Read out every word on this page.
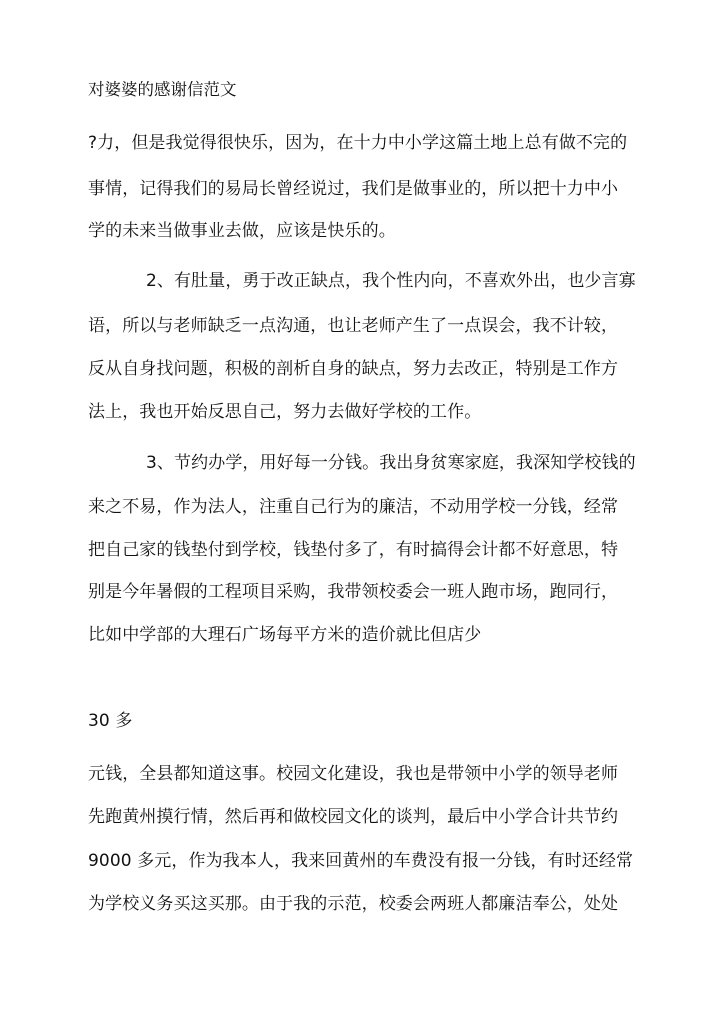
对婆婆的感谢信范文
?力，但是我觉得很快乐，因为，在十力中小学这篇土地上总有做不完的
事情，记得我们的易局长曾经说过，我们是做事业的，所以把十力中小
学的未来当做事业去做，应该是快乐的。
2、有肚量，勇于改正缺点，我个性内向，不喜欢外出，也少言寡
语，所以与老师缺乏一点沟通，也让老师产生了一点误会，我不计较，
反从自身找问题，积极的剖析自身的缺点，努力去改正，特别是工作方
法上，我也开始反思自己，努力去做好学校的工作。
3、节约办学，用好每一分钱。我出身贫寒家庭，我深知学校钱的
来之不易，作为法人，注重自己行为的廉洁，不动用学校一分钱，经常
把自己家的钱垫付到学校，钱垫付多了，有时搞得会计都不好意思，特
别是今年暑假的工程项目采购，我带领校委会一班人跑市场，跑同行，
比如中学部的大理石广场每平方米的造价就比但店少
30 多
元钱，全县都知道这事。校园文化建设，我也是带领中小学的领导老师
先跑黄州摸行情，然后再和做校园文化的谈判，最后中小学合计共节约
9000 多元，作为我本人，我来回黄州的车费没有报一分钱，有时还经常
为学校义务买这买那。由于我的示范，校委会两班人都廉洁奉公，处处
